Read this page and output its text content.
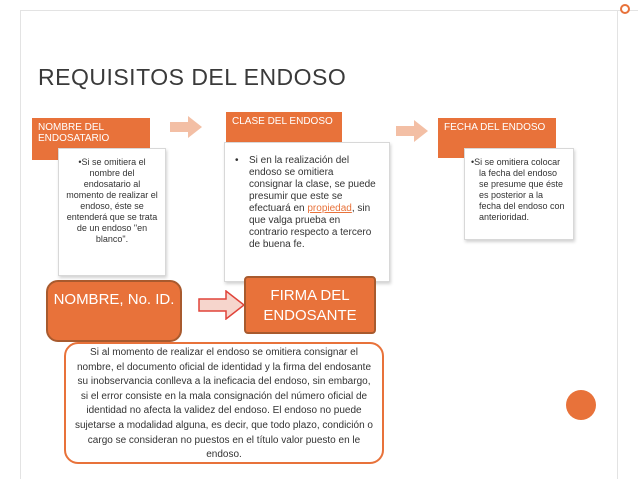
REQUISITOS DEL ENDOSO
NOMBRE DEL ENDOSATARIO
•Si se omitiera el nombre del endosatario al momento de realizar el endoso, éste se entenderá que se trata de un endoso "en blanco".
CLASE DEL ENDOSO
• Si en la realización del endoso se omitiera consignar la clase, se puede presumir que este se efectuará en propiedad, sin que valga prueba en contrario respecto a tercero de buena fe.
FECHA DEL ENDOSO
•Si se omitiera colocar la fecha del endoso se presume que éste es posterior a la fecha del endoso con anterioridad.
NOMBRE, No. ID.	FIRMA DEL ENDOSANTE
Si al momento de realizar el endoso se omitiera consignar el nombre, el documento oficial de identidad y la firma del endosante su inobservancia conlleva a la ineficacia del endoso, sin embargo, si el error consiste en la mala consignación del número oficial de identidad no afecta la validez del endoso. El endoso no puede sujetarse a modalidad alguna, es decir, que todo plazo, condición o cargo se consideran no puestos en el título valor puesto en le endoso.
